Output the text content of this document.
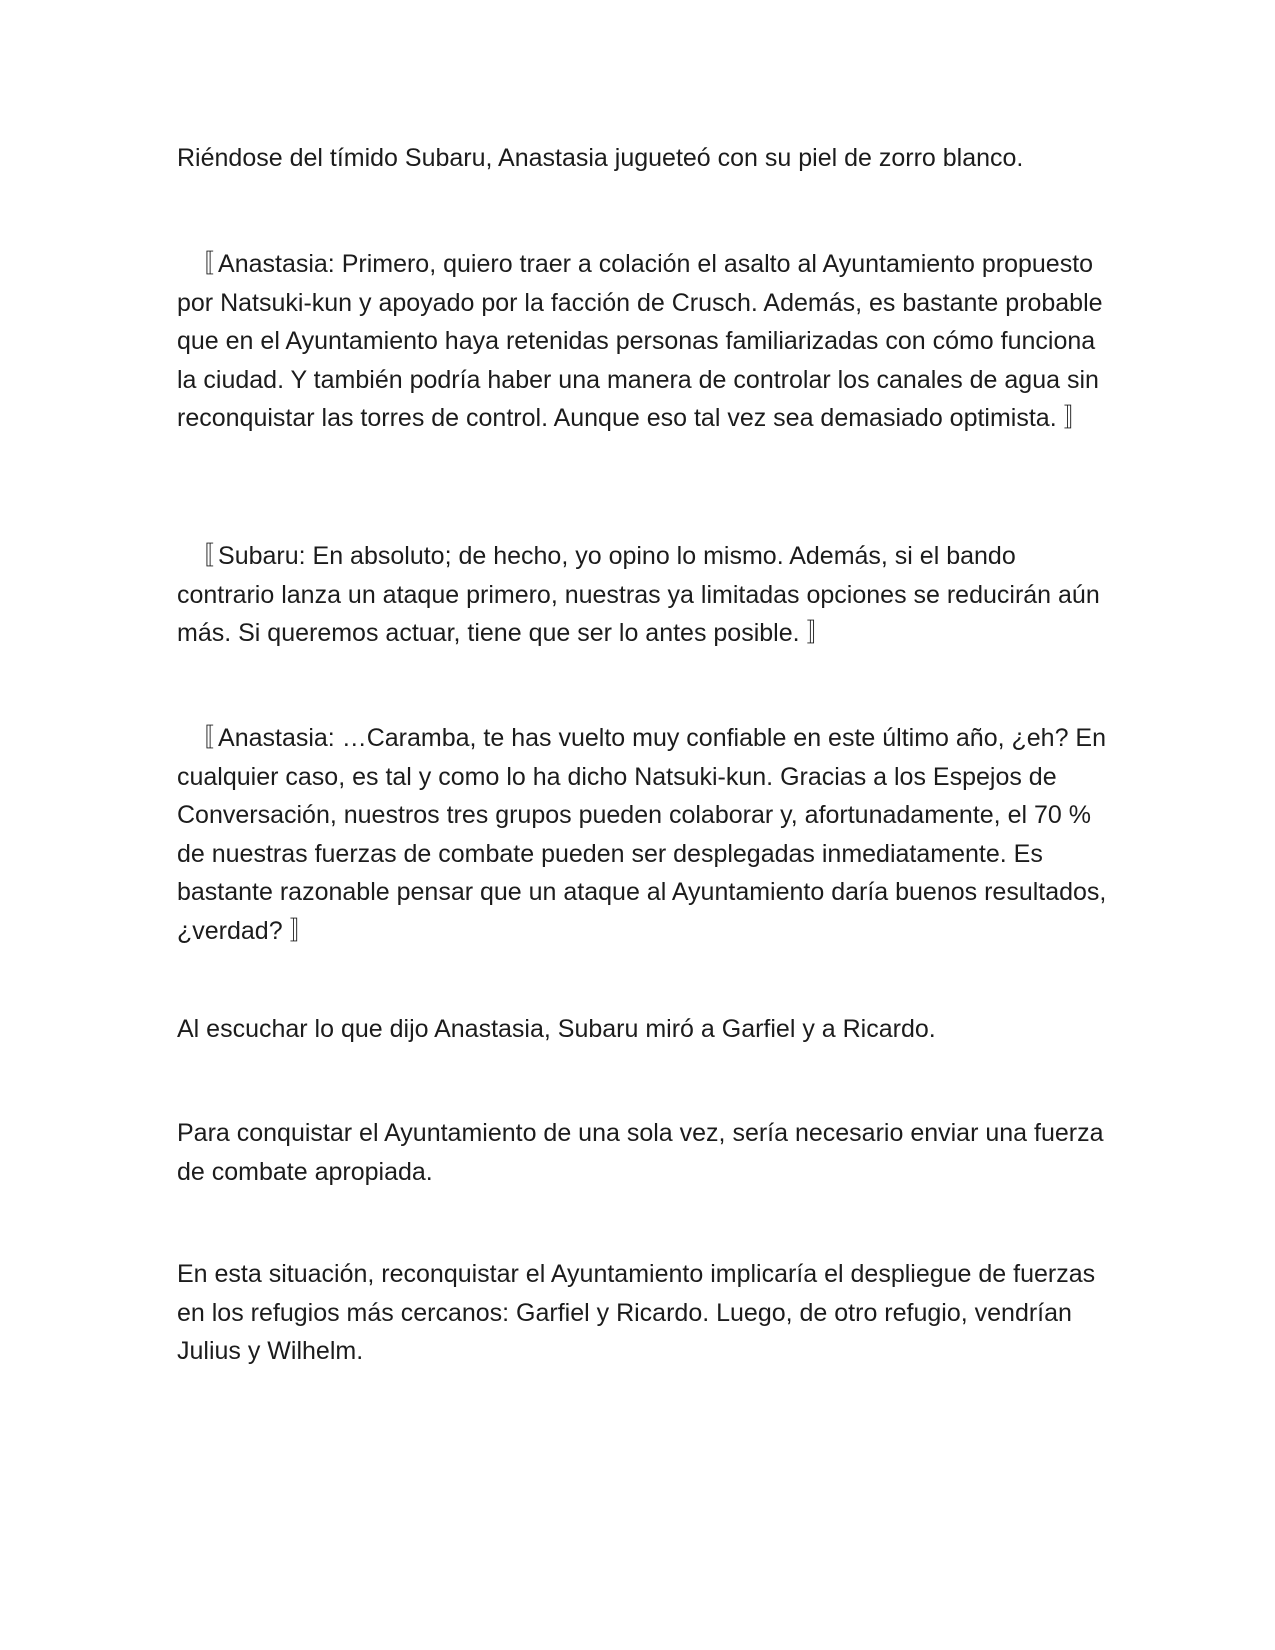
Riéndose del tímido Subaru, Anastasia jugueteó con su piel de zorro blanco.

〚 Anastasia: Primero, quiero traer a colación el asalto al Ayuntamiento propuesto por Natsuki-kun y apoyado por la facción de Crusch. Además, es bastante probable que en el Ayuntamiento haya retenidas personas familiarizadas con cómo funciona la ciudad. Y también podría haber una manera de controlar los canales de agua sin reconquistar las torres de control. Aunque eso tal vez sea demasiado optimista. 〛

〚 Subaru: En absoluto; de hecho, yo opino lo mismo. Además, si el bando contrario lanza un ataque primero, nuestras ya limitadas opciones se reducirán aún más. Si queremos actuar, tiene que ser lo antes posible. 〛

〚 Anastasia: …Caramba, te has vuelto muy confiable en este último año, ¿eh? En cualquier caso, es tal y como lo ha dicho Natsuki-kun. Gracias a los Espejos de Conversación, nuestros tres grupos pueden colaborar y, afortunadamente, el 70 % de nuestras fuerzas de combate pueden ser desplegadas inmediatamente. Es bastante razonable pensar que un ataque al Ayuntamiento daría buenos resultados, ¿verdad? 〛

Al escuchar lo que dijo Anastasia, Subaru miró a Garfiel y a Ricardo.

Para conquistar el Ayuntamiento de una sola vez, sería necesario enviar una fuerza de combate apropiada.

En esta situación, reconquistar el Ayuntamiento implicaría el despliegue de fuerzas en los refugios más cercanos: Garfiel y Ricardo. Luego, de otro refugio, vendrían Julius y Wilhelm.
